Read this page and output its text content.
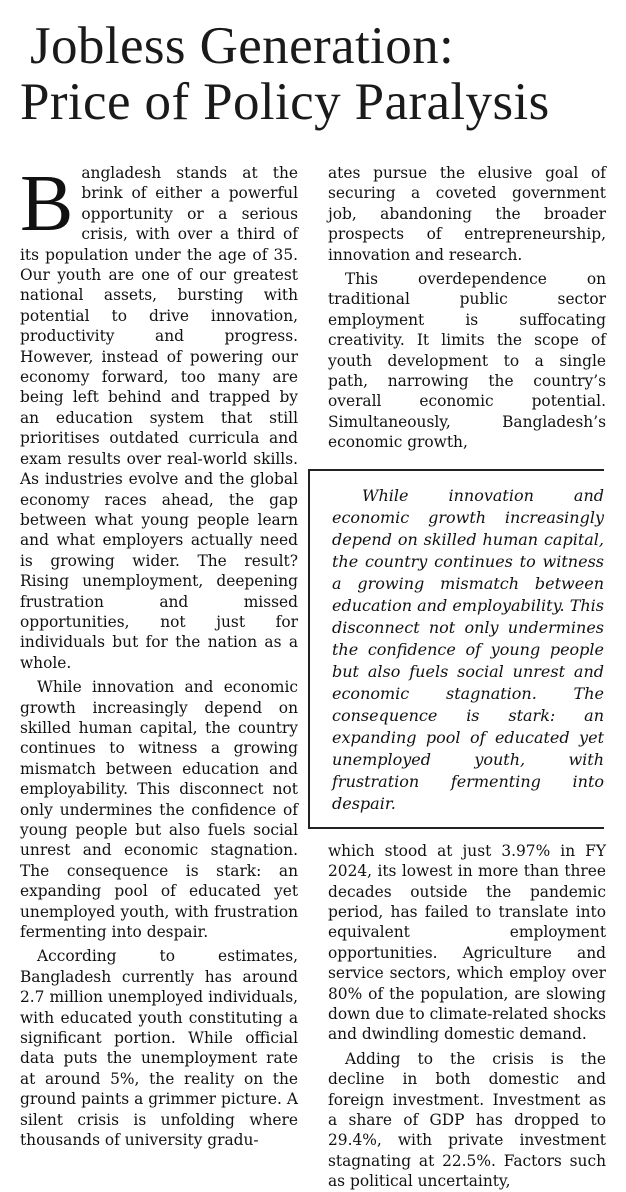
Jobless Generation:
Price of Policy Paralysis

Bangladesh stands at the brink of either a powerful opportunity or a serious crisis, with over a third of its population under the age of 35. Our youth are one of our greatest national assets, bursting with potential to drive innovation, productivity and progress. However, instead of powering our economy forward, too many are being left behind and trapped by an education system that still prioritises outdated curricula and exam results over real-world skills. As industries evolve and the global economy races ahead, the gap between what young people learn and what employers actually need is growing wider. The result? Rising unemployment, deepening frustration and missed opportunities, not just for individuals but for the nation as a whole.

While innovation and economic growth increasingly depend on skilled human capital, the country continues to witness a growing mismatch between education and employability. This disconnect not only undermines the confidence of young people but also fuels social unrest and economic stagnation. The consequence is stark: an expanding pool of educated yet unemployed youth, with frustration fermenting into despair.

According to estimates, Bangladesh currently has around 2.7 million unemployed individuals, with educated youth constituting a significant portion. While official data puts the unemployment rate at around 5%, the reality on the ground paints a grimmer picture. A silent crisis is unfolding where thousands of university gradu-

ates pursue the elusive goal of securing a coveted government job, abandoning the broader prospects of entrepreneurship, innovation and research.

This overdependence on traditional public sector employment is suffocating creativity. It limits the scope of youth development to a single path, narrowing the country’s overall economic potential. Simultaneously, Bangladesh’s economic growth,

While innovation and economic growth increasingly depend on skilled human capital, the country continues to witness a growing mismatch between education and employability. This disconnect not only undermines the confidence of young people but also fuels social unrest and economic stagnation. The consequence is stark: an expanding pool of educated yet unemployed youth, with frustration fermenting into despair.

which stood at just 3.97% in FY 2024, its lowest in more than three decades outside the pandemic period, has failed to translate into equivalent employment opportunities. Agriculture and service sectors, which employ over 80% of the population, are slowing down due to climate-related shocks and dwindling domestic demand.

Adding to the crisis is the decline in both domestic and foreign investment. Investment as a share of GDP has dropped to 29.4%, with private investment stagnating at 22.5%. Factors such as political uncertainty,
